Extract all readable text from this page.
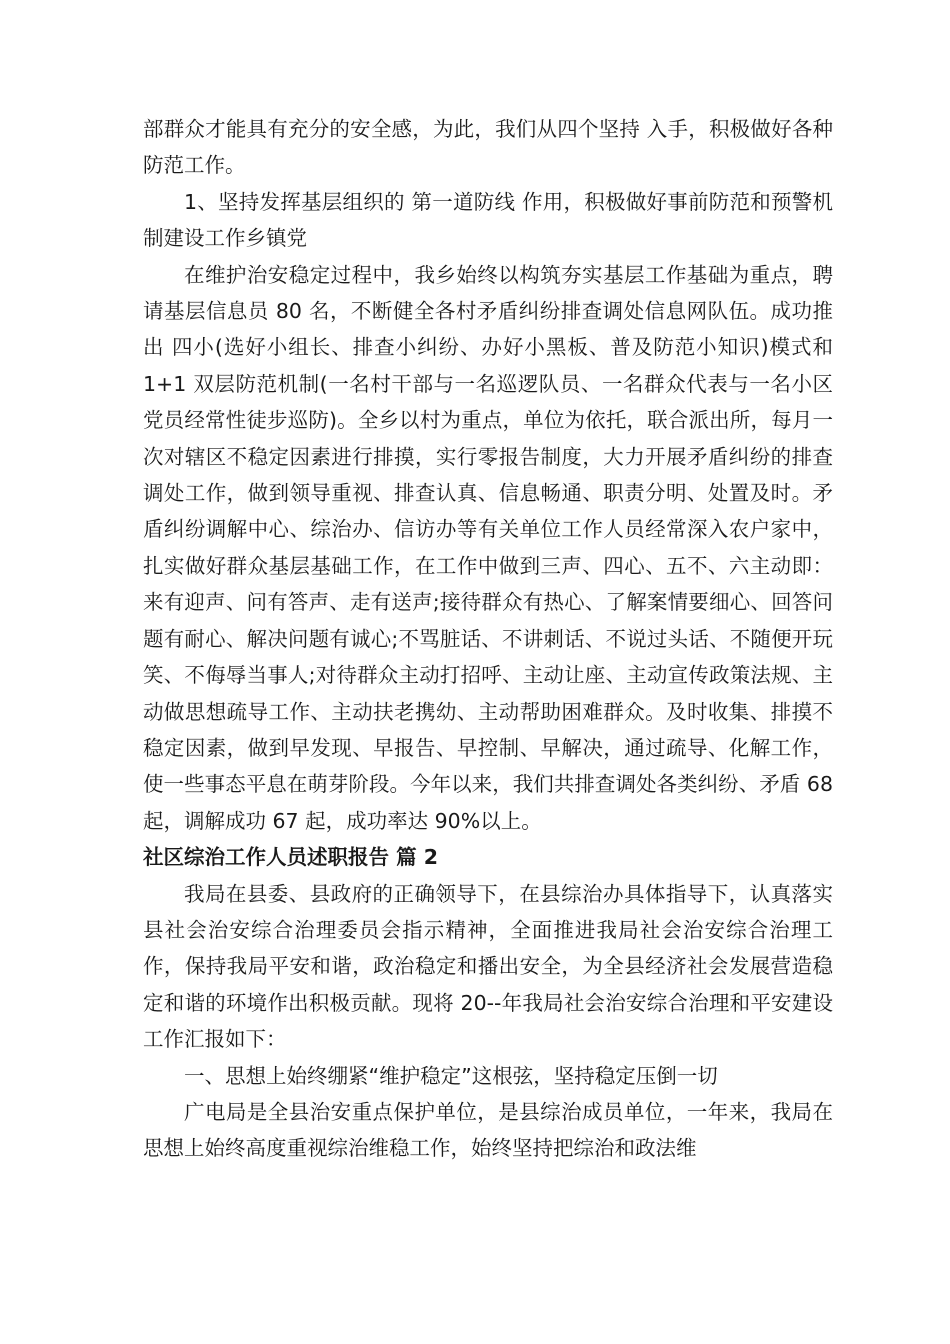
部群众才能具有充分的安全感，为此，我们从四个坚持 入手，积极做好各种防范工作。

1、坚持发挥基层组织的 第一道防线 作用，积极做好事前防范和预警机制建设工作乡镇党

在维护治安稳定过程中，我乡始终以构筑夯实基层工作基础为重点，聘请基层信息员 80 名，不断健全各村矛盾纠纷排查调处信息网队伍。成功推出 四小(选好小组长、排查小纠纷、办好小黑板、普及防范小知识)模式和 1+1 双层防范机制(一名村干部与一名巡逻队员、一名群众代表与一名小区党员经常性徒步巡防)。全乡以村为重点，单位为依托，联合派出所，每月一次对辖区不稳定因素进行排摸，实行零报告制度，大力开展矛盾纠纷的排查调处工作，做到领导重视、排查认真、信息畅通、职责分明、处置及时。矛盾纠纷调解中心、综治办、信访办等有关单位工作人员经常深入农户家中，扎实做好群众基层基础工作，在工作中做到三声、四心、五不、六主动即：来有迎声、问有答声、走有送声;接待群众有热心、了解案情要细心、回答问题有耐心、解决问题有诚心;不骂脏话、不讲刺话、不说过头话、不随便开玩笑、不侮辱当事人;对待群众主动打招呼、主动让座、主动宣传政策法规、主动做思想疏导工作、主动扶老携幼、主动帮助困难群众。及时收集、排摸不稳定因素，做到早发现、早报告、早控制、早解决，通过疏导、化解工作，使一些事态平息在萌芽阶段。今年以来，我们共排查调处各类纠纷、矛盾 68 起，调解成功 67 起，成功率达 90%以上。

社区综治工作人员述职报告 篇 2

我局在县委、县政府的正确领导下，在县综治办具体指导下，认真落实县社会治安综合治理委员会指示精神，全面推进我局社会治安综合治理工作，保持我局平安和谐，政治稳定和播出安全，为全县经济社会发展营造稳定和谐的环境作出积极贡献。现将 20--年我局社会治安综合治理和平安建设工作汇报如下：

一、思想上始终绷紧“维护稳定”这根弦，坚持稳定压倒一切

广电局是全县治安重点保护单位，是县综治成员单位，一年来，我局在思想上始终高度重视综治维稳工作，始终坚持把综治和政法维
